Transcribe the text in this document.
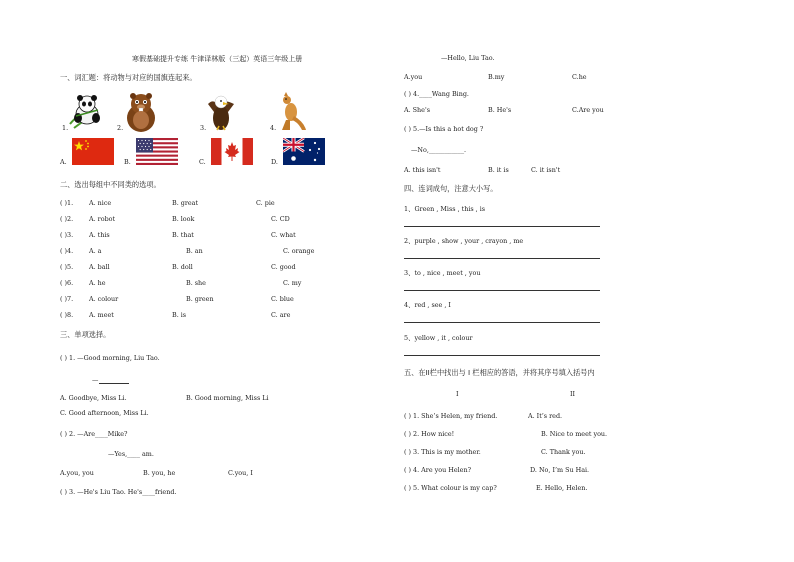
寒假基础提升专练 牛津译林版（三起）英语三年级上册
一、词汇题：将动物与对应的国旗连起来。
1.	2.	3.	4.
A.	B.	C.	D.
二、选出每组中不同类的选项。
( )1. A. nice	B. great	C. pie
( )2. A. robot	B. look	C. CD
( )3. A. this	B. that	C. what
( )4. A. a	B. an	C. orange
( )5. A. ball	B. doll	C. good
( )6. A. he	B. she	C. my
( )7. A. colour	B. green	C. blue
( )8. A. meet	B. is	C. are
三、单项选择。
( ) 1. —Good morning, Liu Tao.
—
A. Goodbye, Miss Li.	B. Good morning, Miss Li
C. Good afternoon, Miss Li.
( ) 2. —Are____Mike?
—Yes,____ am.
A.you, you	B. you, he	C.you, I
( ) 3. —He's Liu Tao. He's____friend.
—Hello, Liu Tao.
A.you	B.my	C.he
( ) 4.____Wang Bing.
A. She's	B. He's	C.Are you
( ) 5.—Is this a hot dog ?
—No,___________.
A. this isn't	B. it is	C. it isn't
四、连词成句，注意大小写。
1、Green , Miss , this , is
2、purple , show , your , crayon , me
3、to , nice , meet , you
4、red , see , I
5、yellow , it , colour
五、在II栏中找出与 I 栏相应的答语，并将其序号填入括号内
I	II
( ) 1. She’s Helen, my friend.	A. It’s red.
( ) 2. How nice!	B. Nice to meet you.
( ) 3. This is my mother.	C. Thank you.
( ) 4. Are you Helen?	D. No, I’m Su Hai.
( ) 5. What colour is my cap?	E. Hello, Helen.
